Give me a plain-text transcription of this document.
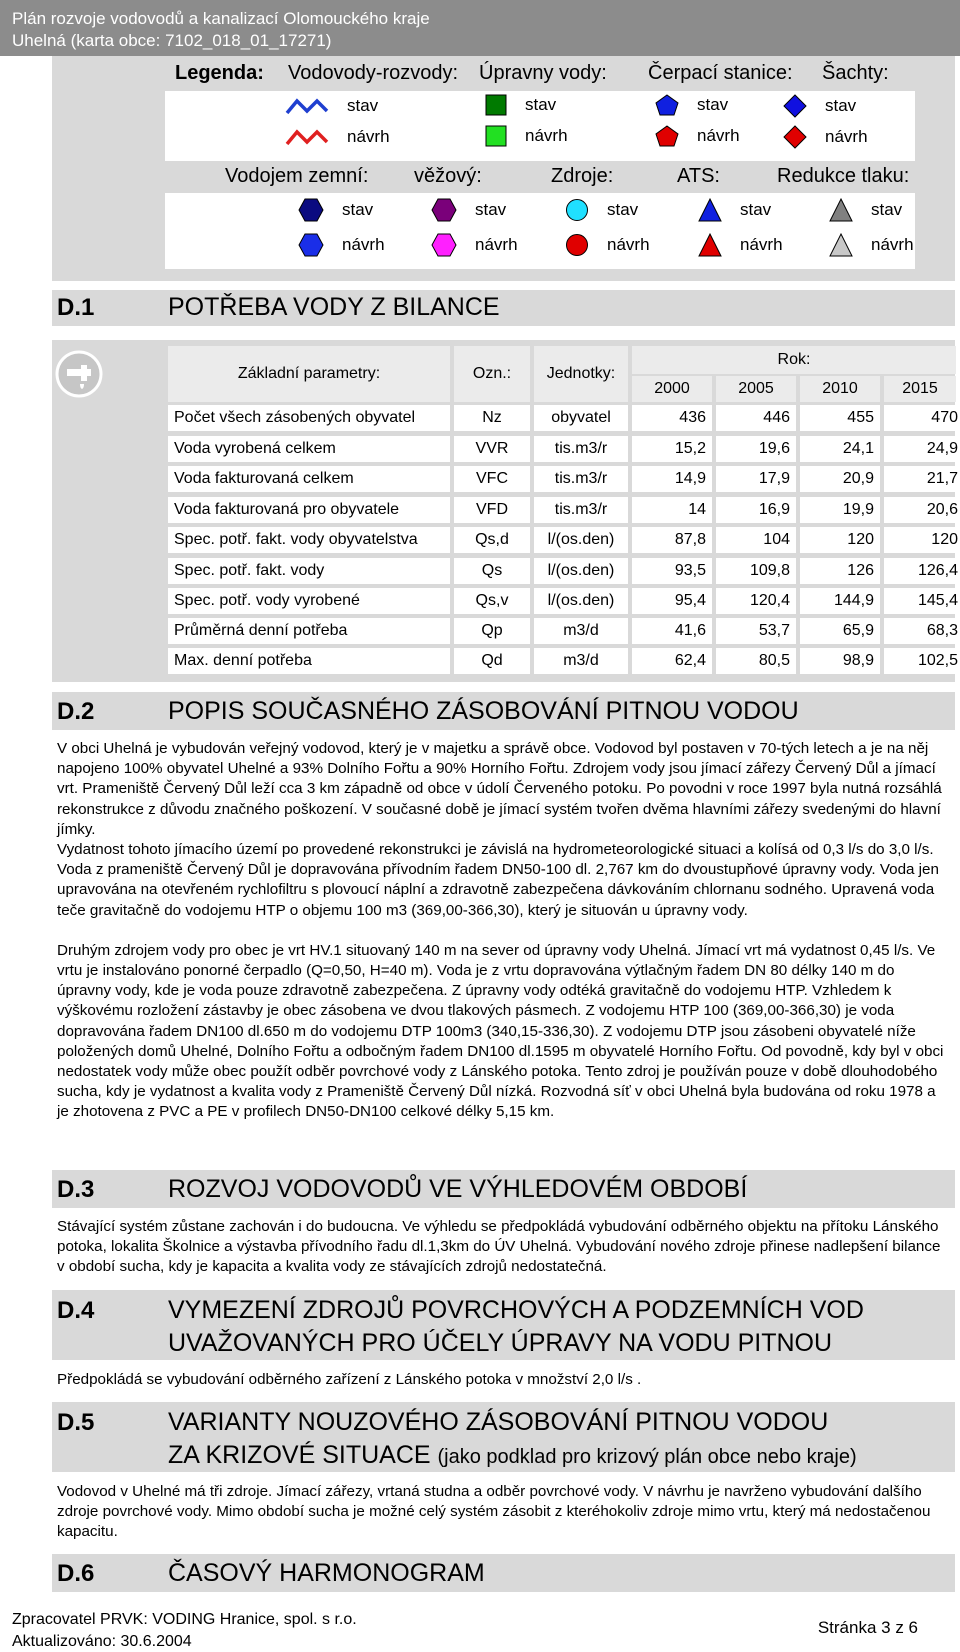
Plán rozvoje vodovodů a kanalizací Olomouckého kraje
Uhelná (karta obce: 7102_018_01_17271)
Legenda: Vodovody-rozvody: Úpravny vody: Čerpací stanice: Šachty:
stav
návrh
stav
návrh
stav
návrh
stav
návrh
Vodojem zemní: věžový:	Zdroje:	ATS:	Redukce tlaku:
stav
návrh
stav
návrh
stav
návrh
stav
návrh
stav
návrh
D.1	POTŘEBA VODY Z BILANCE
Základní parametry:	Ozn.:	Jednotky:
Rok:
2000	2005	2010	2015
Počet všech zásobených obyvatel	Nz	obyvatel	436	446	455	470
Voda vyrobená celkem	VVR	tis.m3/r	15,2	19,6	24,1	24,9
Voda fakturovaná celkem	VFC	tis.m3/r	14,9	17,9	20,9	21,7
Voda fakturovaná pro obyvatele	VFD	tis.m3/r	14	16,9	19,9	20,6
Spec. potř. fakt. vody obyvatelstva	Qs,d	l/(os.den)	87,8	104	120	120
Spec. potř. fakt. vody	Qs	l/(os.den)	93,5	109,8	126	126,4
Spec. potř. vody vyrobené	Qs,v	l/(os.den)	95,4	120,4	144,9	145,4
Průměrná denní potřeba	Qp	m3/d	41,6	53,7	65,9	68,3
Max. denní potřeba	Qd	m3/d	62,4	80,5	98,9	102,5
D.2	POPIS SOUČASNÉHO ZÁSOBOVÁNÍ PITNOU VODOU

V obci Uhelná je vybudován veřejný vodovod, který je v majetku a správě obce. Vodovod byl postaven v 70-tých letech a je na něj napojeno 100% obyvatel Uhelné a 93% Dolního Fořtu a 90% Horního Fořtu. Zdrojem vody jsou jímací zářezy Červený Důl a jímací vrt. Prameniště Červený Důl leží cca 3 km západně od obce v údolí Červeného potoku. Po povodni v roce 1997 byla nutná rozsáhlá rekonstrukce z důvodu značného poškození. V současné době je jímací systém tvořen dvěma hlavními zářezy svedenými do hlavní jímky.

Vydatnost tohoto jímacího území po provedené rekonstrukci je závislá na hydrometeorologické situaci a kolísá od 0,3 l/s do 3,0 l/s. Voda z prameniště Červený Důl je dopravována přívodním řadem DN50-100 dl. 2,767 km do dvoustupňové úpravny vody. Voda jen upravována na otevřeném rychlofiltru s plovoucí náplní a zdravotně zabezpečena dávkováním chlornanu sodného. Upravená voda teče gravitačně do vodojemu HTP o objemu 100 m3 (369,00-366,30), který je situován u úpravny vody.

Druhým zdrojem vody pro obec je vrt HV.1 situovaný 140 m na sever od úpravny vody Uhelná. Jímací vrt má vydatnost 0,45 l/s. Ve vrtu je instalováno ponorné čerpadlo (Q=0,50, H=40 m). Voda je z vrtu dopravována výtlačným řadem DN 80 délky 140 m do úpravny vody, kde je voda pouze zdravotně zabezpečena. Z úpravny vody odtéká gravitačně do vodojemu HTP. Vzhledem k výškovému rozložení zástavby je obec zásobena ve dvou tlakových pásmech. Z vodojemu HTP 100 (369,00-366,30) je voda dopravována řadem DN100 dl.650 m do vodojemu DTP 100m3 (340,15-336,30). Z vodojemu DTP jsou zásobeni obyvatelé níže položených domů Uhelné, Dolního Fořtu a odbočným řadem DN100 dl.1595 m obyvatelé Horního Fořtu. Od povodně, kdy byl v obci nedostatek vody může obec použít odběr povrchové vody z Lánského potoka. Tento zdroj je používán pouze v době dlouhodobého sucha, kdy je vydatnost a kvalita vody z Prameniště Červený Důl nízká. Rozvodná síť v obci Uhelná byla budována od roku 1978 a je zhotovena z PVC a PE v profilech DN50-DN100 celkové délky 5,15 km.

D.3	ROZVOJ VODOVODŮ VE VÝHLEDOVÉM OBDOBÍ

Stávající systém zůstane zachován i do budoucna. Ve výhledu se předpokládá vybudování odběrného objektu na přítoku Lánského potoka, lokalita Školnice a výstavba přívodního řadu dl.1,3km do ÚV Uhelná. Vybudování nového zdroje přinese nadlepšení bilance v období sucha, kdy je kapacita a kvalita vody ze stávajících zdrojů nedostatečná.

D.4	VYMEZENÍ ZDROJŮ POVRCHOVÝCH A PODZEMNÍCH VOD
UVAŽOVANÝCH PRO ÚČELY ÚPRAVY NA VODU PITNOU

Předpokládá se vybudování odběrného zařízení z Lánského potoka v množství 2,0 l/s .

D.5	VARIANTY NOUZOVÉHO ZÁSOBOVÁNÍ PITNOU VODOU
ZA KRIZOVÉ SITUACE (jako podklad pro krizový plán obce nebo kraje)

Vodovod v Uhelné má tři zdroje. Jímací zářezy, vrtaná studna a odběr povrchové vody. V návrhu je navrženo vybudování dalšího zdroje povrchové vody. Mimo období sucha je možné celý systém zásobit z kteréhokoliv zdroje mimo vrtu, který má nedostačenou kapacitu.

D.6	ČASOVÝ HARMONOGRAM
Zpracovatel PRVK: VODING Hranice, spol. s r.o.
Aktualizováno: 30.6.2004
Stránka 3 z 6
